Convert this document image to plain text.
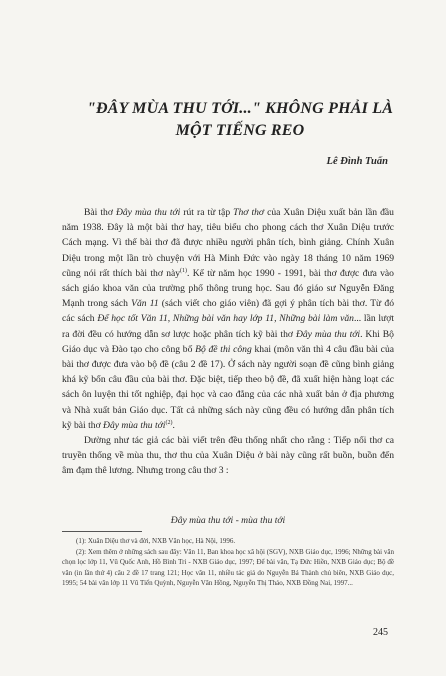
"ĐÂY MÙA THU TỚI..." KHÔNG PHẢI LÀ
MỘT TIẾNG REO
Lê Đình Tuấn

Bài thơ Đây mùa thu tới rút ra từ tập Thơ thơ của Xuân Diệu xuất bản lần đầu năm 1938. Đây là một bài thơ hay, tiêu biểu cho phong cách thơ Xuân Diệu trước Cách mạng. Vì thế bài thơ đã được nhiều người phân tích, bình giảng. Chính Xuân Diệu trong một lần trò chuyện với Hà Minh Đức vào ngày 18 tháng 10 năm 1969 cũng nói rất thích bài thơ này$^{(1)}$. Kể từ năm học 1990 - 1991, bài thơ được đưa vào sách giáo khoa văn của trường phổ thông trung học. Sau đó giáo sư Nguyễn Đăng Mạnh trong sách Văn 11 (sách viết cho giáo viên) đã gợi ý phân tích bài thơ. Từ đó các sách Để học tốt Văn 11, Những bài văn hay lớp 11, Những bài làm văn... lần lượt ra đời đều có hướng dẫn sơ lược hoặc phân tích kỹ bài thơ Đây mùa thu tới. Khi Bộ Giáo dục và Đào tạo cho công bố Bộ đề thi công khai (môn văn thì 4 câu đầu bài của bài thơ được đưa vào bộ đề (câu 2 đề 17). Ở sách này người soạn đề cũng bình giảng khá kỹ bốn câu đầu của bài thơ. Đặc biệt, tiếp theo bộ đề, đã xuất hiện hàng loạt các sách ôn luyện thi tốt nghiệp, đại học và cao đẳng của các nhà xuất bản ở địa phương và Nhà xuất bản Giáo dục. Tất cả những sách này cũng đều có hướng dẫn phân tích kỹ bài thơ Đây mùa thu tới$^{(2)}$.

Dường như tác giả các bài viết trên đều thống nhất cho rằng : Tiếp nối thơ ca truyền thống về mùa thu, thơ thu của Xuân Diệu ở bài này cũng rất buồn, buồn đến âm đạm thê lương. Nhưng trong câu thơ 3 :

Đây mùa thu tới - mùa thu tới

(1): Xuân Diệu thơ và đời, NXB Văn học, Hà Nội, 1996.

(2): Xem thêm ở những sách sau đây: Văn 11, Ban khoa học xã hội (SGV), NXB Giáo dục, 1996; Những bài văn chọn lọc lớp 11, Vũ Quốc Anh, Hồ Bình Tri - NXB Giáo dục, 1997; Để bài văn, Tạ Đức Hiền, NXB Giáo dục; Bộ đề văn (in lần thứ 4) câu 2 đề 17 trang 121; Học văn 11, nhiều tác giả do Nguyễn Bá Thành chủ biên, NXB Giáo dục, 1995; 54 bài văn lớp 11 Vũ Tiến Quỳnh, Nguyễn Văn Hồng, Nguyễn Thị Thảo, NXB Đồng Nai, 1997...

245
